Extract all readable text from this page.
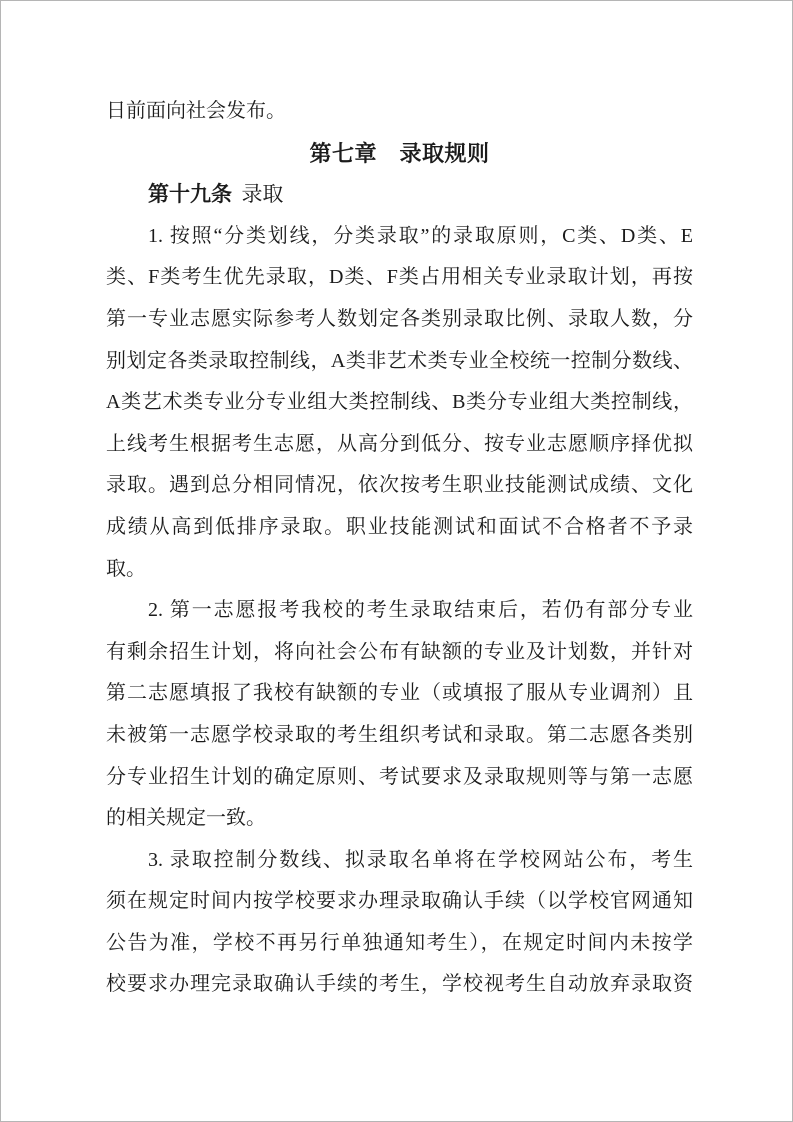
日前面向社会发布。
第七章　录取规则
第十九条 录取
1. 按照“分类划线，分类录取”的录取原则，C类、D类、E
类、F类考生优先录取，D类、F类占用相关专业录取计划，再按
第一专业志愿实际参考人数划定各类别录取比例、录取人数，分
别划定各类录取控制线，A类非艺术类专业全校统一控制分数线、
A类艺术类专业分专业组大类控制线、B类分专业组大类控制线，
上线考生根据考生志愿，从高分到低分、按专业志愿顺序择优拟
录取。遇到总分相同情况，依次按考生职业技能测试成绩、文化
成绩从高到低排序录取。职业技能测试和面试不合格者不予录
取。
2. 第一志愿报考我校的考生录取结束后，若仍有部分专业
有剩余招生计划，将向社会公布有缺额的专业及计划数，并针对
第二志愿填报了我校有缺额的专业（或填报了服从专业调剂）且
未被第一志愿学校录取的考生组织考试和录取。第二志愿各类别
分专业招生计划的确定原则、考试要求及录取规则等与第一志愿
的相关规定一致。
3. 录取控制分数线、拟录取名单将在学校网站公布，考生
须在规定时间内按学校要求办理录取确认手续（以学校官网通知
公告为准，学校不再另行单独通知考生），在规定时间内未按学
校要求办理完录取确认手续的考生，学校视考生自动放弃录取资
